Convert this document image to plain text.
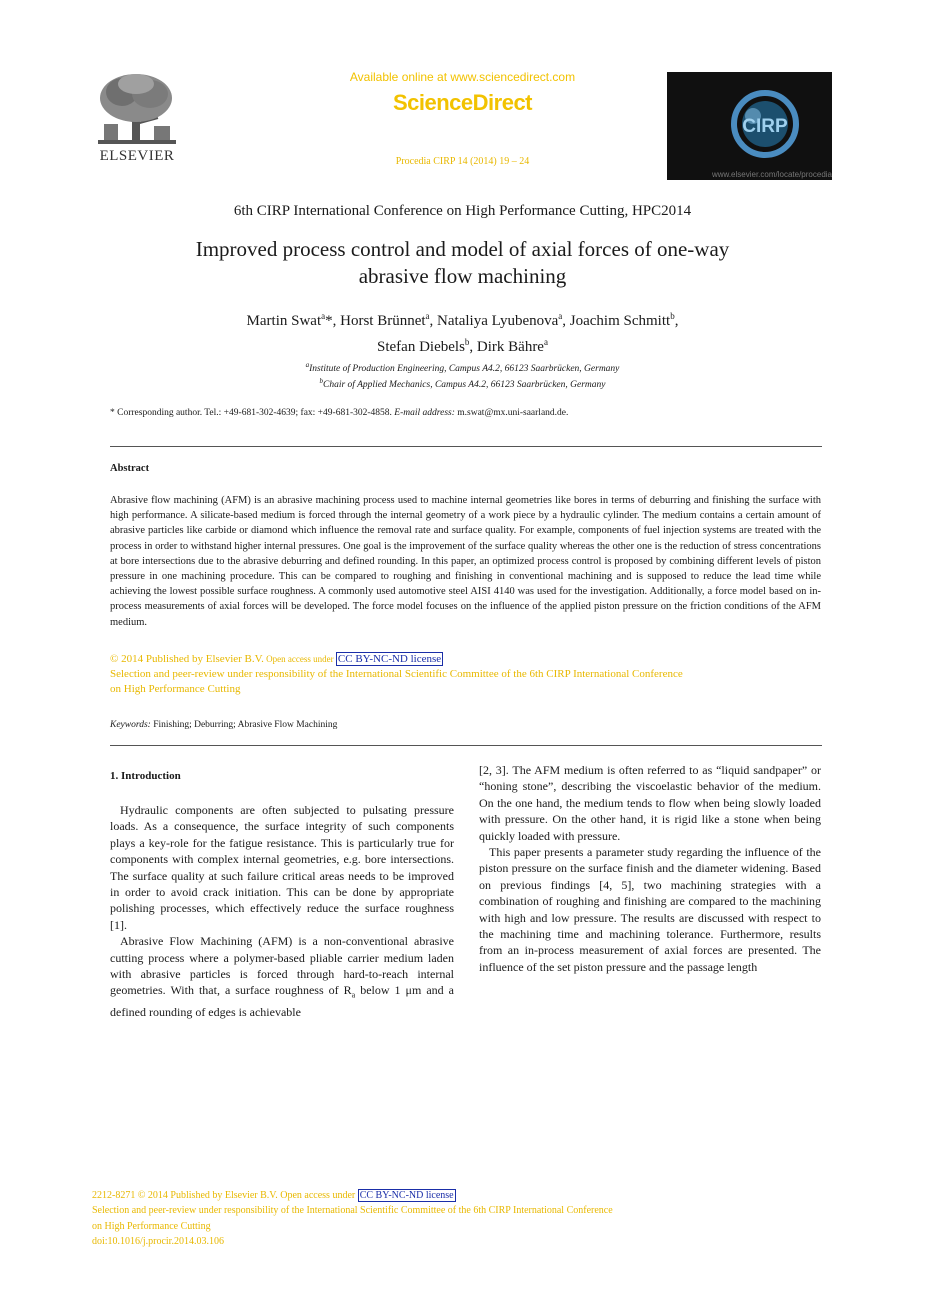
ELSEVIER
Available online at www.sciencedirect.com
ScienceDirect
Procedia CIRP 14 (2014) 19 – 24
CIRP
www.elsevier.com/locate/procedia
6th CIRP International Conference on High Performance Cutting, HPC2014
Improved process control and model of axial forces of one-way
abrasive flow machining
Martin Swat$^a$*, Horst Brünnet$^a$, Nataliya Lyubenova$^a$, Joachim Schmitt$^b$,
Stefan Diebels$^b$, Dirk Bähre$^a$
$^a$Institute of Production Engineering, Campus A4.2, 66123 Saarbrücken, Germany
$^b$Chair of Applied Mechanics, Campus A4.2, 66123 Saarbrücken, Germany
* Corresponding author. Tel.: +49-681-302-4639; fax: +49-681-302-4858. E-mail address: m.swat@mx.uni-saarland.de.
Abstract
Abrasive flow machining (AFM) is an abrasive machining process used to machine internal geometries like bores in terms of deburring and finishing the surface with high performance. A silicate-based medium is forced through the internal geometry of a work piece by a hydraulic cylinder. The medium contains a certain amount of abrasive particles like carbide or diamond which influence the removal rate and surface quality. For example, components of fuel injection systems are treated with the process in order to withstand higher internal pressures. One goal is the improvement of the surface quality whereas the other one is the reduction of stress concentrations at bore intersections due to the abrasive deburring and defined rounding. In this paper, an optimized process control is proposed by combining different levels of piston pressure in one machining procedure. This can be compared to roughing and finishing in conventional machining and is supposed to reduce the lead time while achieving the lowest possible surface roughness. A commonly used automotive steel AISI 4140 was used for the investigation. Additionally, a force model based on in-process measurements of axial forces will be developed. The force model focuses on the influence of the applied piston pressure on the friction conditions of the AFM medium.
© 2014 Published by Elsevier B.V. Open access under CC BY-NC-ND license
Selection and peer-review under responsibility of the International Scientific Committee of the 6th CIRP International Conference
on High Performance Cutting
Keywords: Finishing; Deburring; Abrasive Flow Machining
1. Introduction

Hydraulic components are often subjected to pulsating pressure loads. As a consequence, the surface integrity of such components plays a key-role for the fatigue resistance. This is particularly true for components with complex internal geometries, e.g. bore intersections. The surface quality at such failure critical areas needs to be improved in order to avoid crack initiation. This can be done by appropriate polishing processes, which effectively reduce the surface roughness [1].

Abrasive Flow Machining (AFM) is a non-conventional abrasive cutting process where a polymer-based pliable carrier medium laden with abrasive particles is forced through hard-to-reach internal geometries. With that, a surface roughness of $R_a$ below 1 μm and a defined rounding of edges is achievable

[2, 3]. The AFM medium is often referred to as “liquid sandpaper” or “honing stone”, describing the viscoelastic behavior of the medium. On the one hand, the medium tends to flow when being slowly loaded with pressure. On the other hand, it is rigid like a stone when being quickly loaded with pressure.

This paper presents a parameter study regarding the influence of the piston pressure on the surface finish and the diameter widening. Based on previous findings [4, 5], two machining strategies with a combination of roughing and finishing are compared to the machining with high and low pressure. The results are discussed with respect to the machining time and machining tolerance. Furthermore, results from an in-process measurement of axial forces are presented. The influence of the set piston pressure and the passage length

2212-8271 © 2014 Published by Elsevier B.V. Open access under CC BY-NC-ND license
Selection and peer-review under responsibility of the International Scientific Committee of the 6th CIRP International Conference
on High Performance Cutting
doi:10.1016/j.procir.2014.03.106
